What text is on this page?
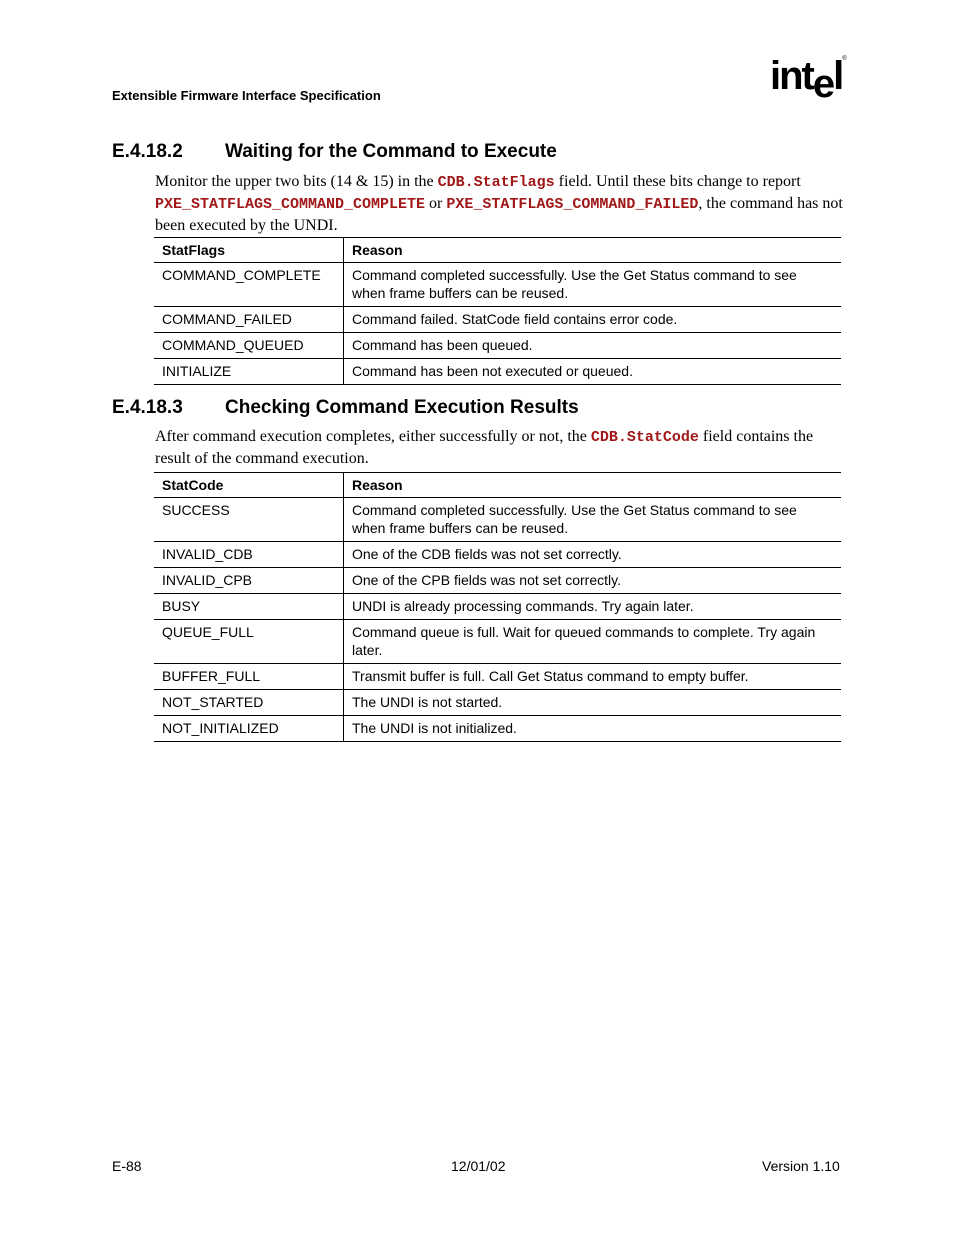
Extensible Firmware Interface Specification	intel®
E.4.18.2	Waiting for the Command to Execute
Monitor the upper two bits (14 & 15) in the CDB.StatFlags field. Until these bits change to report PXE_STATFLAGS_COMMAND_COMPLETE or PXE_STATFLAGS_COMMAND_FAILED, the command has not been executed by the UNDI.
StatFlags	Reason
COMMAND_COMPLETE	Command completed successfully. Use the Get Status command to see when frame buffers can be reused.
COMMAND_FAILED	Command failed. StatCode field contains error code.
COMMAND_QUEUED	Command has been queued.
INITIALIZE	Command has been not executed or queued.
E.4.18.3	Checking Command Execution Results
After command execution completes, either successfully or not, the CDB.StatCode field contains the result of the command execution.
StatCode	Reason
SUCCESS	Command completed successfully. Use the Get Status command to see when frame buffers can be reused.
INVALID_CDB	One of the CDB fields was not set correctly.
INVALID_CPB	One of the CPB fields was not set correctly.
BUSY	UNDI is already processing commands. Try again later.
QUEUE_FULL	Command queue is full. Wait for queued commands to complete. Try again later.
BUFFER_FULL	Transmit buffer is full. Call Get Status command to empty buffer.
NOT_STARTED	The UNDI is not started.
NOT_INITIALIZED	The UNDI is not initialized.
E-88	12/01/02	Version 1.10
